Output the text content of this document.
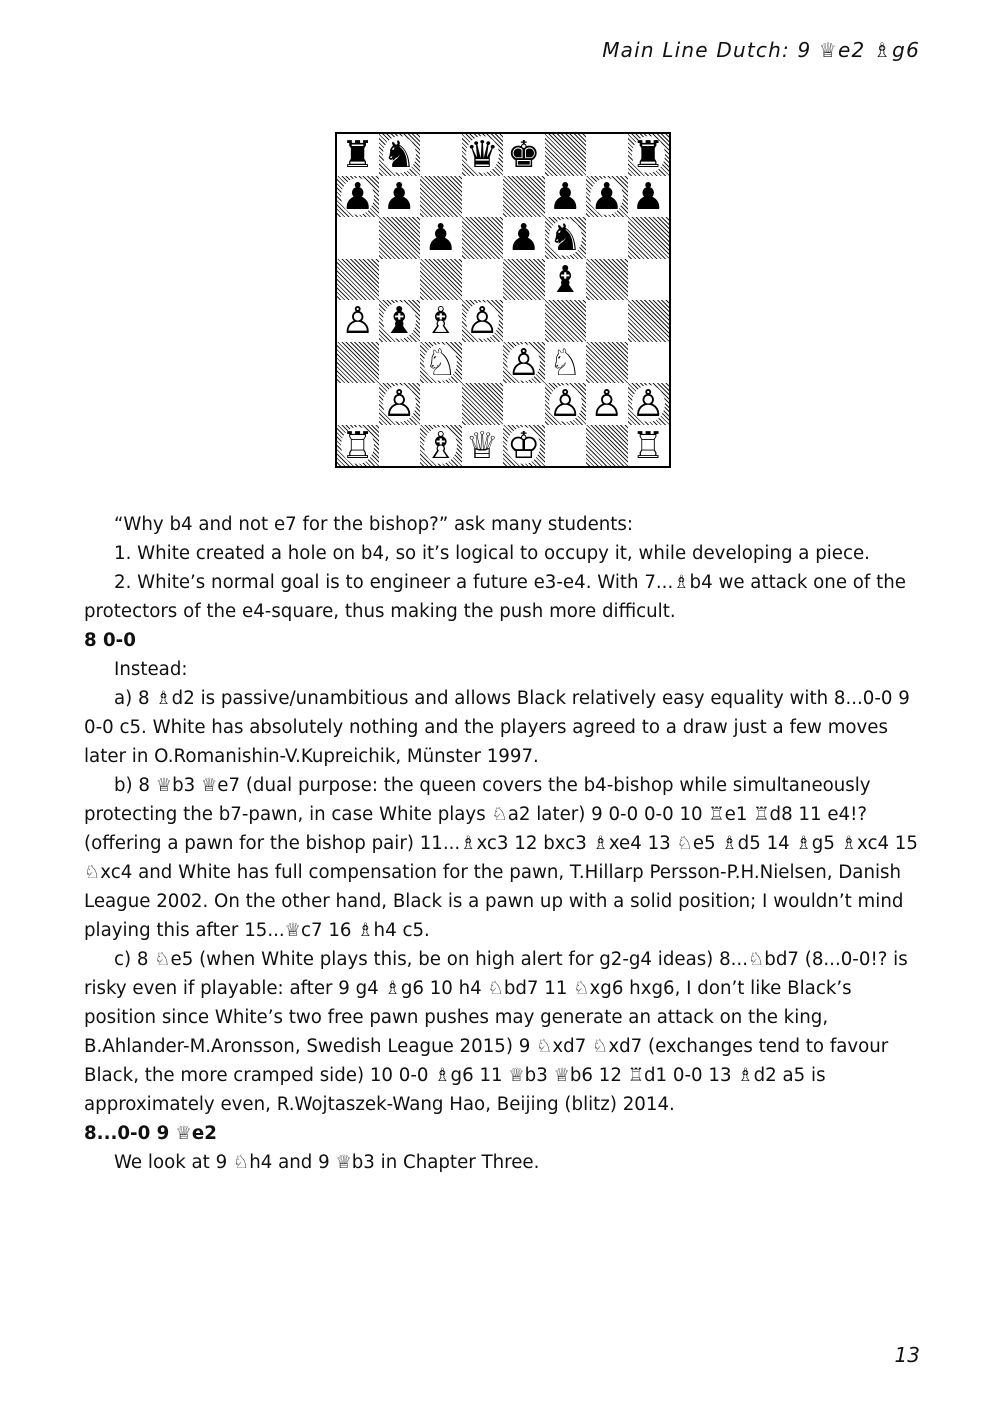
Main Line Dutch: 9 ♕e2 ♗g6
♜ ♞ ♛ ♚ ♜
♟ ♟	♟ ♟ ♟
♟ ♟ ♞
♝
♙ ♝ ♗ ♙
♘ ♙ ♘
♙	♙ ♙ ♙
♖ ♗ ♕ ♔ ♖

“Why b4 and not e7 for the bishop?” ask many students:

1. White created a hole on b4, so it’s logical to occupy it, while developing a piece.

2. White’s normal goal is to engineer a future e3-e4. With 7...♗b4 we attack one of the protectors of the e4-square, thus making the push more difficult.

8 0-0

Instead:

a) 8 ♗d2 is passive/unambitious and allows Black relatively easy equality with 8...0-0 9 0-0 c5. White has absolutely nothing and the players agreed to a draw just a few moves later in O.Romanishin-V.Kupreichik, Münster 1997.

b) 8 ♕b3 ♕e7 (dual purpose: the queen covers the b4-bishop while simultaneously protecting the b7-pawn, in case White plays ♘a2 later) 9 0-0 0-0 10 ♖e1 ♖d8 11 e4!? (offering a pawn for the bishop pair) 11...♗xc3 12 bxc3 ♗xe4 13 ♘e5 ♗d5 14 ♗g5 ♗xc4 15 ♘xc4 and White has full compensation for the pawn, T.Hillarp Persson-P.H.Nielsen, Danish League 2002. On the other hand, Black is a pawn up with a solid position; I wouldn’t mind playing this after 15...♕c7 16 ♗h4 c5.

c) 8 ♘e5 (when White plays this, be on high alert for g2-g4 ideas) 8...♘bd7 (8...0-0!? is risky even if playable: after 9 g4 ♗g6 10 h4 ♘bd7 11 ♘xg6 hxg6, I don’t like Black’s position since White’s two free pawn pushes may generate an attack on the king, B.Ahlander-M.Aronsson, Swedish League 2015) 9 ♘xd7 ♘xd7 (exchanges tend to favour Black, the more cramped side) 10 0-0 ♗g6 11 ♕b3 ♕b6 12 ♖d1 0-0 13 ♗d2 a5 is approximately even, R.Wojtaszek-Wang Hao, Beijing (blitz) 2014.

8...0-0 9 ♕e2

We look at 9 ♘h4 and 9 ♕b3 in Chapter Three.

13
